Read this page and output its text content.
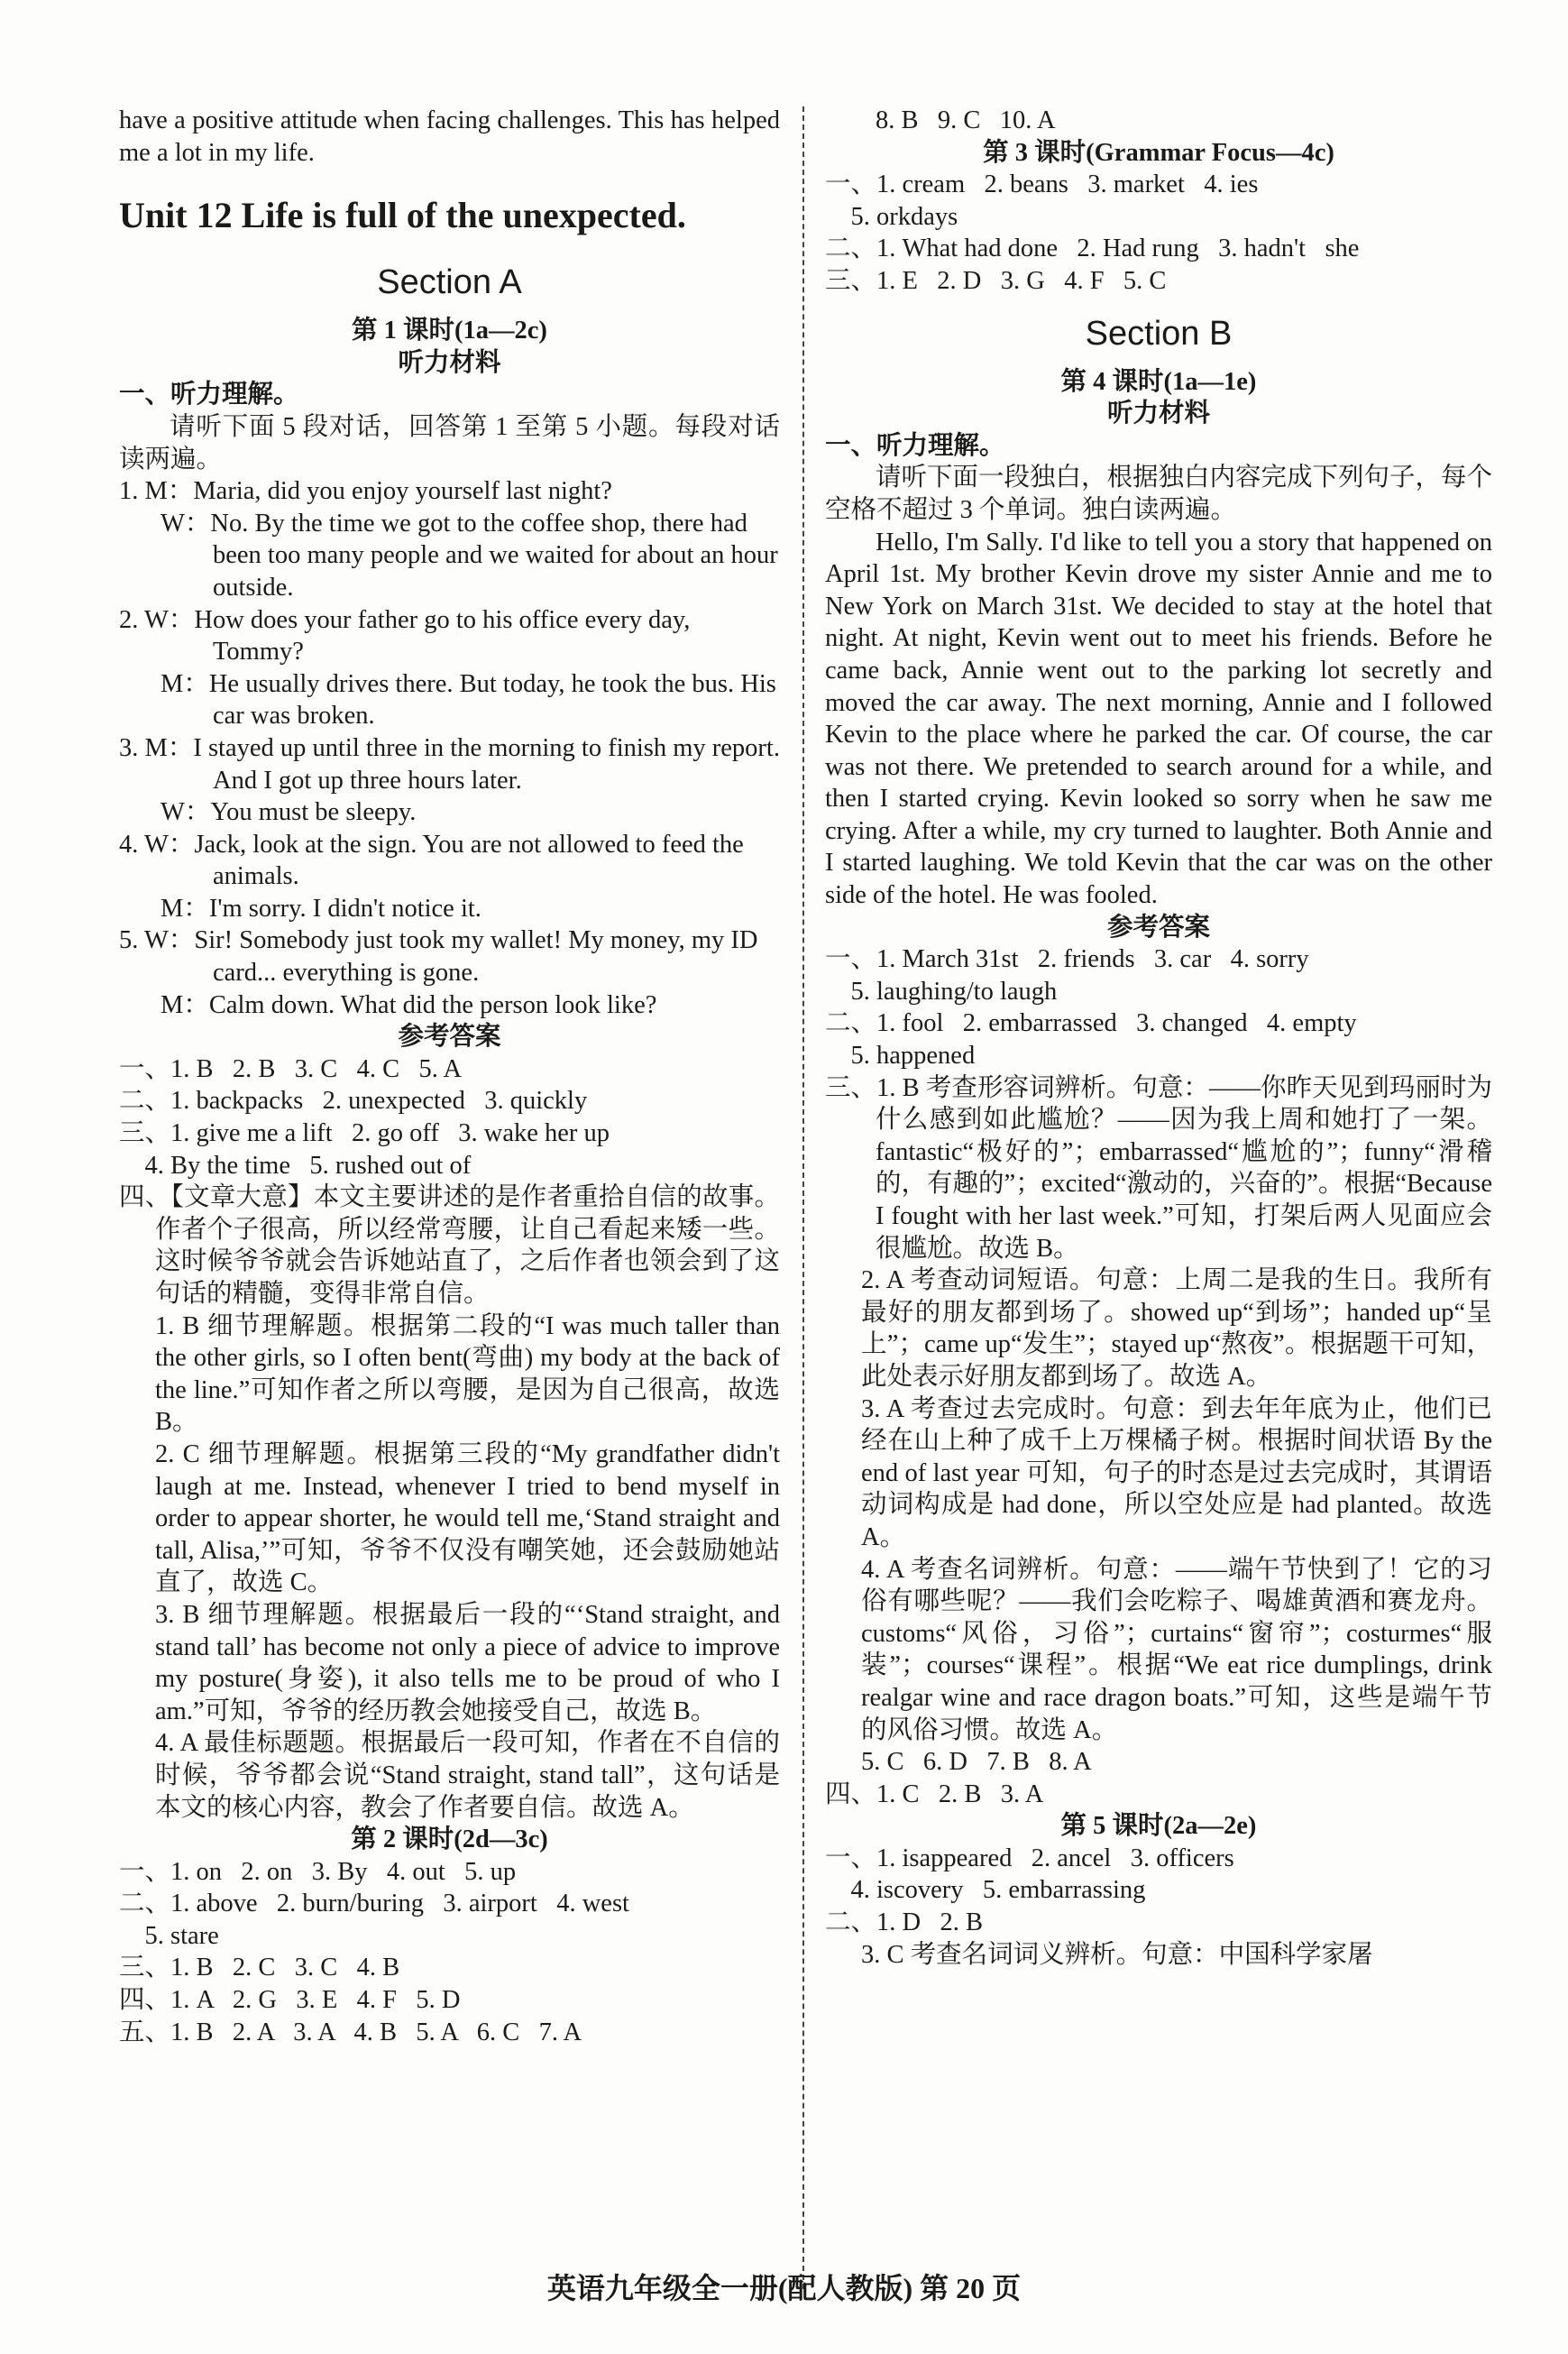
have a positive attitude when facing challenges. This has helped me a lot in my life.

Unit 12 Life is full of the unexpected.
Section A

第 1 课时(1a—2c)

听力材料

一、听力理解。

请听下面 5 段对话，回答第 1 至第 5 小题。每段对话读两遍。

1. M：Maria, did you enjoy yourself last night?

W：No. By the time we got to the coffee shop, there had been too many people and we waited for about an hour outside.

2. W：How does your father go to his office every day, Tommy?

M：He usually drives there. But today, he took the bus. His car was broken.

3. M：I stayed up until three in the morning to finish my report. And I got up three hours later.

W：You must be sleepy.

4. W：Jack, look at the sign. You are not allowed to feed the animals.

M：I'm sorry. I didn't notice it.

5. W：Sir! Somebody just took my wallet! My money, my ID card... everything is gone.

M：Calm down. What did the person look like?

参考答案

一、1. B   2. B   3. C   4. C   5. A

二、1. backpacks   2. unexpected   3. quickly

三、1. give me a lift   2. go off   3. wake her up

4. By the time   5. rushed out of

四、【文章大意】本文主要讲述的是作者重拾自信的故事。作者个子很高，所以经常弯腰，让自己看起来矮一些。这时候爷爷就会告诉她站直了，之后作者也领会到了这句话的精髓，变得非常自信。

1. B 细节理解题。根据第二段的“I was much taller than the other girls, so I often bent(弯曲) my body at the back of the line.”可知作者之所以弯腰，是因为自己很高，故选 B。

2. C 细节理解题。根据第三段的“My grandfather didn't laugh at me. Instead, whenever I tried to bend myself in order to appear shorter, he would tell me,‘Stand straight and tall, Alisa,’”可知，爷爷不仅没有嘲笑她，还会鼓励她站直了，故选 C。

3. B 细节理解题。根据最后一段的“‘Stand straight, and stand tall’ has become not only a piece of advice to improve my posture(身姿), it also tells me to be proud of who I am.”可知，爷爷的经历教会她接受自己，故选 B。

4. A 最佳标题题。根据最后一段可知，作者在不自信的时候，爷爷都会说“Stand straight, stand tall”，这句话是本文的核心内容，教会了作者要自信。故选 A。

第 2 课时(2d—3c)

一、1. on   2. on   3. By   4. out   5. up

二、1. above   2. burn/buring   3. airport   4. west

5. stare

三、1. B   2. C   3. C   4. B

四、1. A   2. G   3. E   4. F   5. D

五、1. B   2. A   3. A   4. B   5. A   6. C   7. A

8. B   9. C   10. A

第 3 课时(Grammar Focus—4c)

一、1. cream   2. beans   3. market   4. ies

5. orkdays

二、1. What had done   2. Had rung   3. hadn't   she

三、1. E   2. D   3. G   4. F   5. C

Section B

第 4 课时(1a—1e)

听力材料

一、听力理解。

请听下面一段独白，根据独白内容完成下列句子，每个空格不超过 3 个单词。独白读两遍。

Hello, I'm Sally. I'd like to tell you a story that happened on April 1st. My brother Kevin drove my sister Annie and me to New York on March 31st. We decided to stay at the hotel that night. At night, Kevin went out to meet his friends. Before he came back, Annie went out to the parking lot secretly and moved the car away. The next morning, Annie and I followed Kevin to the place where he parked the car. Of course, the car was not there. We pretended to search around for a while, and then I started crying. Kevin looked so sorry when he saw me crying. After a while, my cry turned to laughter. Both Annie and I started laughing. We told Kevin that the car was on the other side of the hotel. He was fooled.

参考答案

一、1. March 31st   2. friends   3. car   4. sorry

5. laughing/to laugh

二、1. fool   2. embarrassed   3. changed   4. empty

5. happened

三、1. B 考查形容词辨析。句意：——你昨天见到玛丽时为什么感到如此尴尬？——因为我上周和她打了一架。fantastic“极好的”；embarrassed“尴尬的”；funny“滑稽的，有趣的”；excited“激动的，兴奋的”。根据“Because I fought with her last week.”可知，打架后两人见面应会很尴尬。故选 B。

2. A 考查动词短语。句意：上周二是我的生日。我所有最好的朋友都到场了。showed up“到场”；handed up“呈上”；came up“发生”；stayed up“熬夜”。根据题干可知，此处表示好朋友都到场了。故选 A。

3. A 考查过去完成时。句意：到去年年底为止，他们已经在山上种了成千上万棵橘子树。根据时间状语 By the end of last year 可知，句子的时态是过去完成时，其谓语动词构成是 had done，所以空处应是 had planted。故选 A。

4. A 考查名词辨析。句意：——端午节快到了！它的习俗有哪些呢？——我们会吃粽子、喝雄黄酒和赛龙舟。customs“风俗，习俗”；curtains“窗帘”；costurmes“服装”；courses“课程”。根据“We eat rice dumplings, drink realgar wine and race dragon boats.”可知，这些是端午节的风俗习惯。故选 A。

5. C   6. D   7. B   8. A

四、1. C   2. B   3. A

第 5 课时(2a—2e)

一、1. isappeared   2. ancel   3. officers

4. iscovery   5. embarrassing

二、1. D   2. B

3. C 考查名词词义辨析。句意：中国科学家屠

英语九年级全一册(配人教版) 第 20 页
